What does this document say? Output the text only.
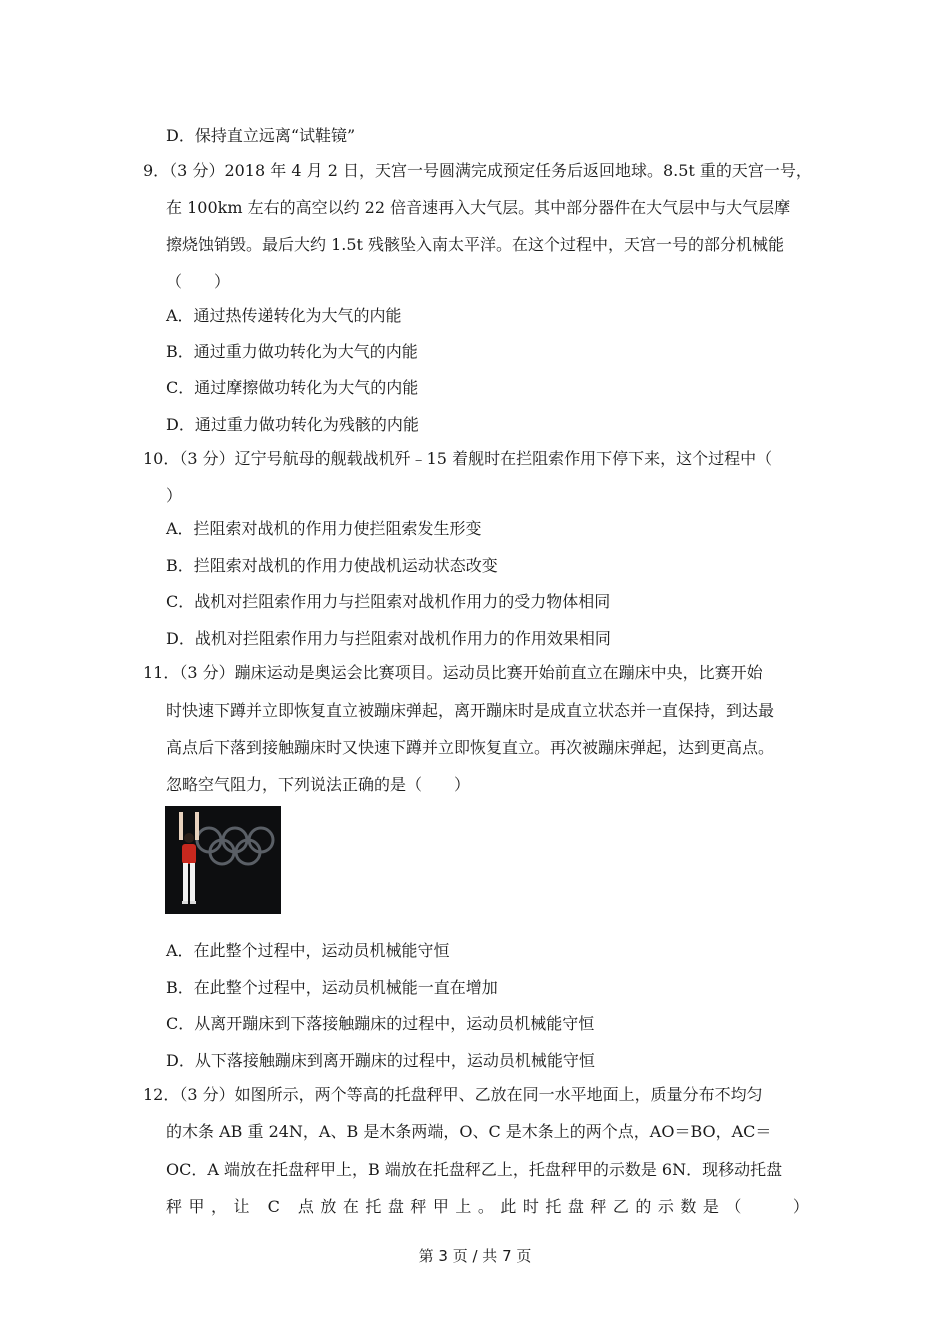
D．保持直立远离“试鞋镜”
9．（3 分）2018 年 4 月 2 日，天宫一号圆满完成预定任务后返回地球。8.5t 重的天宫一号，
在 100km 左右的高空以约 22 倍音速再入大气层。其中部分器件在大气层中与大气层摩
擦烧蚀销毁。最后大约 1.5t 残骸坠入南太平洋。在这个过程中，天宫一号的部分机械能
（　　）
A．通过热传递转化为大气的内能
B．通过重力做功转化为大气的内能
C．通过摩擦做功转化为大气的内能
D．通过重力做功转化为残骸的内能
10．（3 分）辽宁号航母的舰载战机歼﹣15 着舰时在拦阻索作用下停下来，这个过程中（
）
A．拦阻索对战机的作用力使拦阻索发生形变
B．拦阻索对战机的作用力使战机运动状态改变
C．战机对拦阻索作用力与拦阻索对战机作用力的受力物体相同
D．战机对拦阻索作用力与拦阻索对战机作用力的作用效果相同
11．（3 分）蹦床运动是奥运会比赛项目。运动员比赛开始前直立在蹦床中央，比赛开始
时快速下蹲并立即恢复直立被蹦床弹起，离开蹦床时是成直立状态并一直保持，到达最
高点后下落到接触蹦床时又快速下蹲并立即恢复直立。再次被蹦床弹起，达到更高点。
忽略空气阻力，下列说法正确的是（　　）
A．在此整个过程中，运动员机械能守恒
B．在此整个过程中，运动员机械能一直在增加
C．从离开蹦床到下落接触蹦床的过程中，运动员机械能守恒
D．从下落接触蹦床到离开蹦床的过程中，运动员机械能守恒
12．（3 分）如图所示，两个等高的托盘秤甲、乙放在同一水平地面上，质量分布不均匀
的木条 AB 重 24N，A、B 是木条两端，O、C 是木条上的两个点，AO＝BO，AC＝
OC．A 端放在托盘秤甲上，B 端放在托盘秤乙上，托盘秤甲的示数是 6N．现移动托盘
秤甲，让 C 点放在托盘秤甲上。此时托盘秤乙的示数是（　　）
第 3 页 / 共 7 页
